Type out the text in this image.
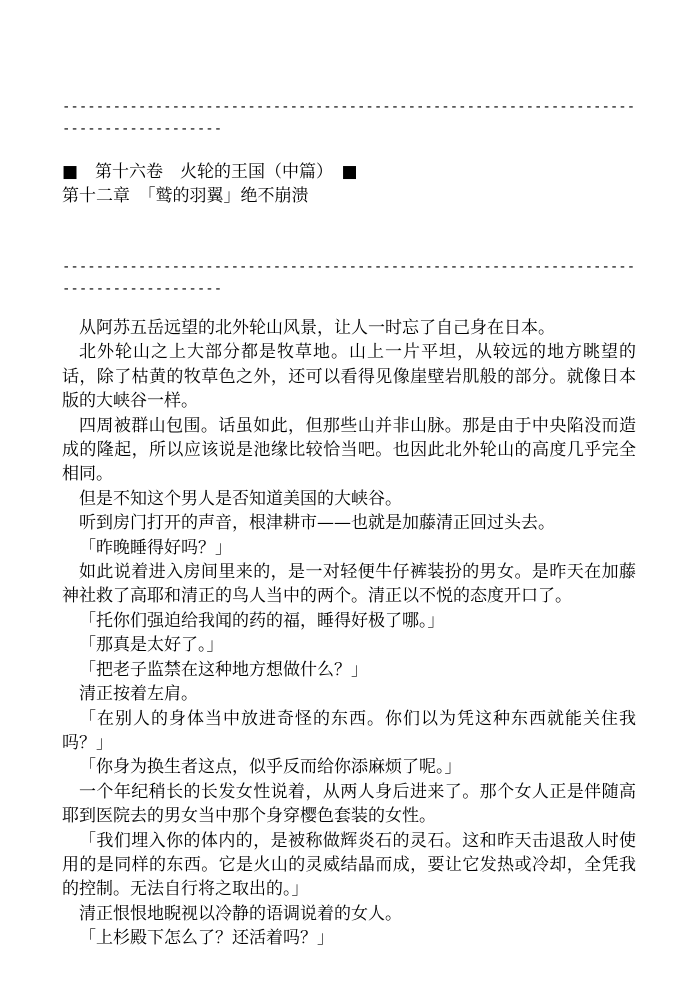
---------------------------------------------------------------------------------------
■　第十六卷　火轮的王国（中篇）　■
第十二章　「鹫的羽翼」绝不崩溃
---------------------------------------------------------------------------------------

从阿苏五岳远望的北外轮山风景，让人一时忘了自己身在日本。

北外轮山之上大部分都是牧草地。山上一片平坦，从较远的地方眺望的话，除了枯黄的牧草色之外，还可以看得见像崖壁岩肌般的部分。就像日本版的大峡谷一样。

四周被群山包围。话虽如此，但那些山并非山脉。那是由于中央陷没而造成的隆起，所以应该说是池缘比较恰当吧。也因此北外轮山的高度几乎完全相同。

但是不知这个男人是否知道美国的大峡谷。

听到房门打开的声音，根津耕市——也就是加藤清正回过头去。

「昨晚睡得好吗？」

如此说着进入房间里来的，是一对轻便牛仔裤装扮的男女。是昨天在加藤神社救了高耶和清正的鸟人当中的两个。清正以不悦的态度开口了。

「托你们强迫给我闻的药的福，睡得好极了哪。」

「那真是太好了。」

「把老子监禁在这种地方想做什么？」

清正按着左肩。

「在别人的身体当中放进奇怪的东西。你们以为凭这种东西就能关住我吗？」

「你身为换生者这点，似乎反而给你添麻烦了呢。」

一个年纪稍长的长发女性说着，从两人身后进来了。那个女人正是伴随高耶到医院去的男女当中那个身穿樱色套装的女性。

「我们埋入你的体内的，是被称做辉炎石的灵石。这和昨天击退敌人时使用的是同样的东西。它是火山的灵威结晶而成，要让它发热或冷却，全凭我的控制。无法自行将之取出的。」

清正恨恨地睨视以冷静的语调说着的女人。

「上杉殿下怎么了？还活着吗？」
